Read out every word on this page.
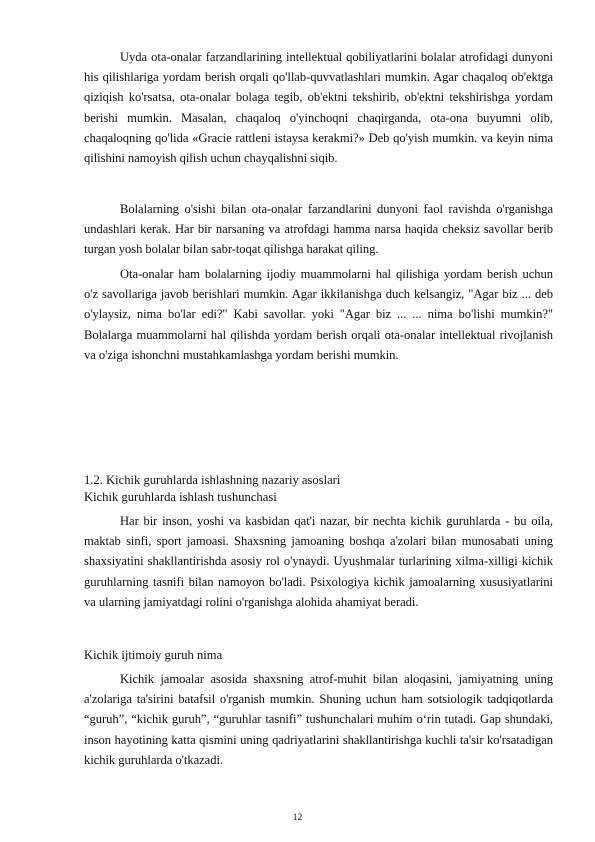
Uyda ota-onalar farzandlarining intellektual qobiliyatlarini bolalar atrofidagi dunyoni his qilishlariga yordam berish orqali qo'llab-quvvatlashlari mumkin. Agar chaqaloq ob'ektga qiziqish ko'rsatsa, ota-onalar bolaga tegib, ob'ektni tekshirib, ob'ektni tekshirishga yordam berishi mumkin. Masalan, chaqaloq o'yinchoqni chaqirganda, ota-ona buyumni olib, chaqaloqning qo'lida «Gracie rattleni istaysa kerakmi?» Deb qo'yish mumkin. va keyin nima qilishini namoyish qilish uchun chayqalishni siqib.

Bolalarning o'sishi bilan ota-onalar farzandlarini dunyoni faol ravishda o'rganishga undashlari kerak. Har bir narsaning va atrofdagi hamma narsa haqida cheksiz savollar berib turgan yosh bolalar bilan sabr-toqat qilishga harakat qiling.

Ota-onalar ham bolalarning ijodiy muammolarni hal qilishiga yordam berish uchun o'z savollariga javob berishlari mumkin. Agar ikkilanishga duch kelsangiz, "Agar biz ... deb o'ylaysiz, nima bo'lar edi?" Kabi savollar. yoki "Agar biz ... ... nima bo'lishi mumkin?" Bolalarga muammolarni hal qilishda yordam berish orqali ota-onalar intellektual rivojlanish va o'ziga ishonchni mustahkamlashga yordam berishi mumkin.

1.2. Kichik guruhlarda ishlashning nazariy asoslari

Kichik guruhlarda ishlash tushunchasi

Har bir inson, yoshi va kasbidan qat'i nazar, bir nechta kichik guruhlarda - bu oila, maktab sinfi, sport jamoasi. Shaxsning jamoaning boshqa a'zolari bilan munosabati uning shaxsiyatini shakllantirishda asosiy rol o'ynaydi. Uyushmalar turlarining xilma-xilligi kichik guruhlarning tasnifi bilan namoyon bo'ladi. Psixologiya kichik jamoalarning xususiyatlarini va ularning jamiyatdagi rolini o'rganishga alohida ahamiyat beradi.

Kichik ijtimoiy guruh nima

Kichik jamoalar asosida shaxsning atrof-muhit bilan aloqasini, jamiyatning uning a'zolariga ta'sirini batafsil o'rganish mumkin. Shuning uchun ham sotsiologik tadqiqotlarda “guruh”, “kichik guruh”, “guruhlar tasnifi” tushunchalari muhim o‘rin tutadi. Gap shundaki, inson hayotining katta qismini uning qadriyatlarini shakllantirishga kuchli ta'sir ko'rsatadigan kichik guruhlarda o'tkazadi.

12
